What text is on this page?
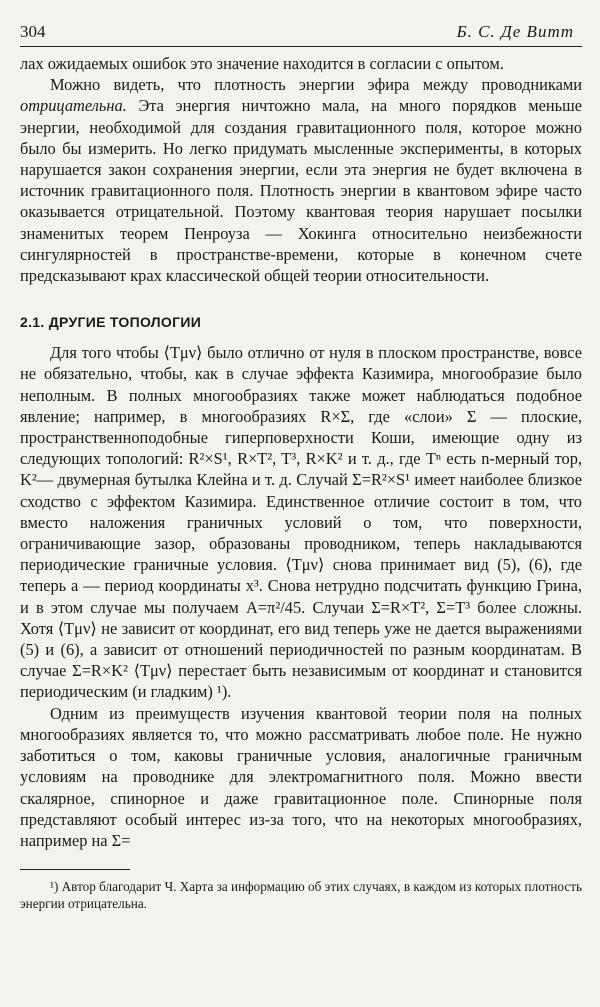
304	Б. С. Де Витт

лах ожидаемых ошибок это значение находится в согласии с опытом.

Можно видеть, что плотность энергии эфира между проводниками отрицательна. Эта энергия ничтожно мала, на много порядков меньше энергии, необходимой для создания гравитационного поля, которое можно было бы измерить. Но легко придумать мысленные эксперименты, в которых нарушается закон сохранения энергии, если эта энергия не будет включена в источник гравитационного поля. Плотность энергии в квантовом эфире часто оказывается отрицательной. Поэтому квантовая теория нарушает посылки знаменитых теорем Пенроуза — Хокинга относительно неизбежности сингулярностей в пространстве-времени, которые в конечном счете предсказывают крах классической общей теории относительности.

2.1. ДРУГИЕ ТОПОЛОГИИ

Для того чтобы ⟨Tμν⟩ было отлично от нуля в плоском пространстве, вовсе не обязательно, чтобы, как в случае эффекта Казимира, многообразие было неполным. В полных многообразиях также может наблюдаться подобное явление; например, в многообразиях R×Σ, где «слои» Σ — плоские, пространственноподобные гиперповерхности Коши, имеющие одну из следующих топологий: R²×S¹, R×T², T³, R×K² и т. д., где Tⁿ есть n-мерный тор, K²— двумерная бутылка Клейна и т. д. Случай Σ=R²×S¹ имеет наиболее близкое сходство с эффектом Казимира. Единственное отличие состоит в том, что вместо наложения граничных условий о том, что поверхности, ограничивающие зазор, образованы проводником, теперь накладываются периодические граничные условия. ⟨Tμν⟩ снова принимает вид (5), (6), где теперь a — период координаты x³. Снова нетрудно подсчитать функцию Грина, и в этом случае мы получаем A=π²/45. Случаи Σ=R×T², Σ=T³ более сложны. Хотя ⟨Tμν⟩ не зависит от координат, его вид теперь уже не дается выражениями (5) и (6), а зависит от отношений периодичностей по разным координатам. В случае Σ=R×K² ⟨Tμν⟩ перестает быть независимым от координат и становится периодическим (и гладким) ¹).

Одним из преимуществ изучения квантовой теории поля на полных многообразиях является то, что можно рассматривать любое поле. Не нужно заботиться о том, каковы граничные условия, аналогичные граничным условиям на проводнике для электромагнитного поля. Можно ввести скалярное, спинорное и даже гравитационное поле. Спинорные поля представляют особый интерес из-за того, что на некоторых многообразиях, например на Σ=

¹) Автор благодарит Ч. Харта за информацию об этих случаях, в каждом из которых плотность энергии отрицательна.
